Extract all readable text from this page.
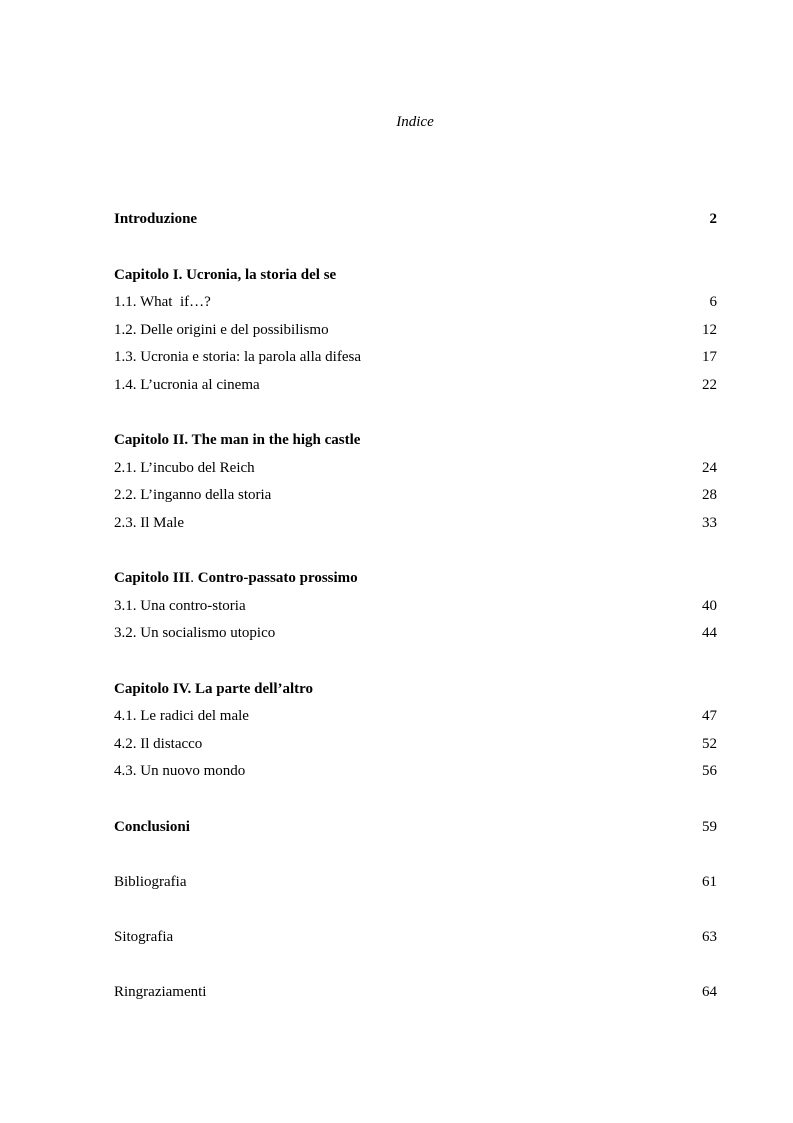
Indice
Introduzione	2
Capitolo I. Ucronia, la storia del se
1.1. What  if…?	6
1.2. Delle origini e del possibilismo	12
1.3. Ucronia e storia: la parola alla difesa	17
1.4. L’ucronia al cinema	22
Capitolo II. The man in the high castle
2.1. L’incubo del Reich	24
2.2. L’inganno della storia	28
2.3. Il Male	33
Capitolo III. Contro-passato prossimo
3.1. Una contro-storia	40
3.2. Un socialismo utopico	44
Capitolo IV. La parte dell’altro
4.1. Le radici del male	47
4.2. Il distacco	52
4.3. Un nuovo mondo	56
Conclusioni	59
Bibliografia	61
Sitografia	63
Ringraziamenti	64
